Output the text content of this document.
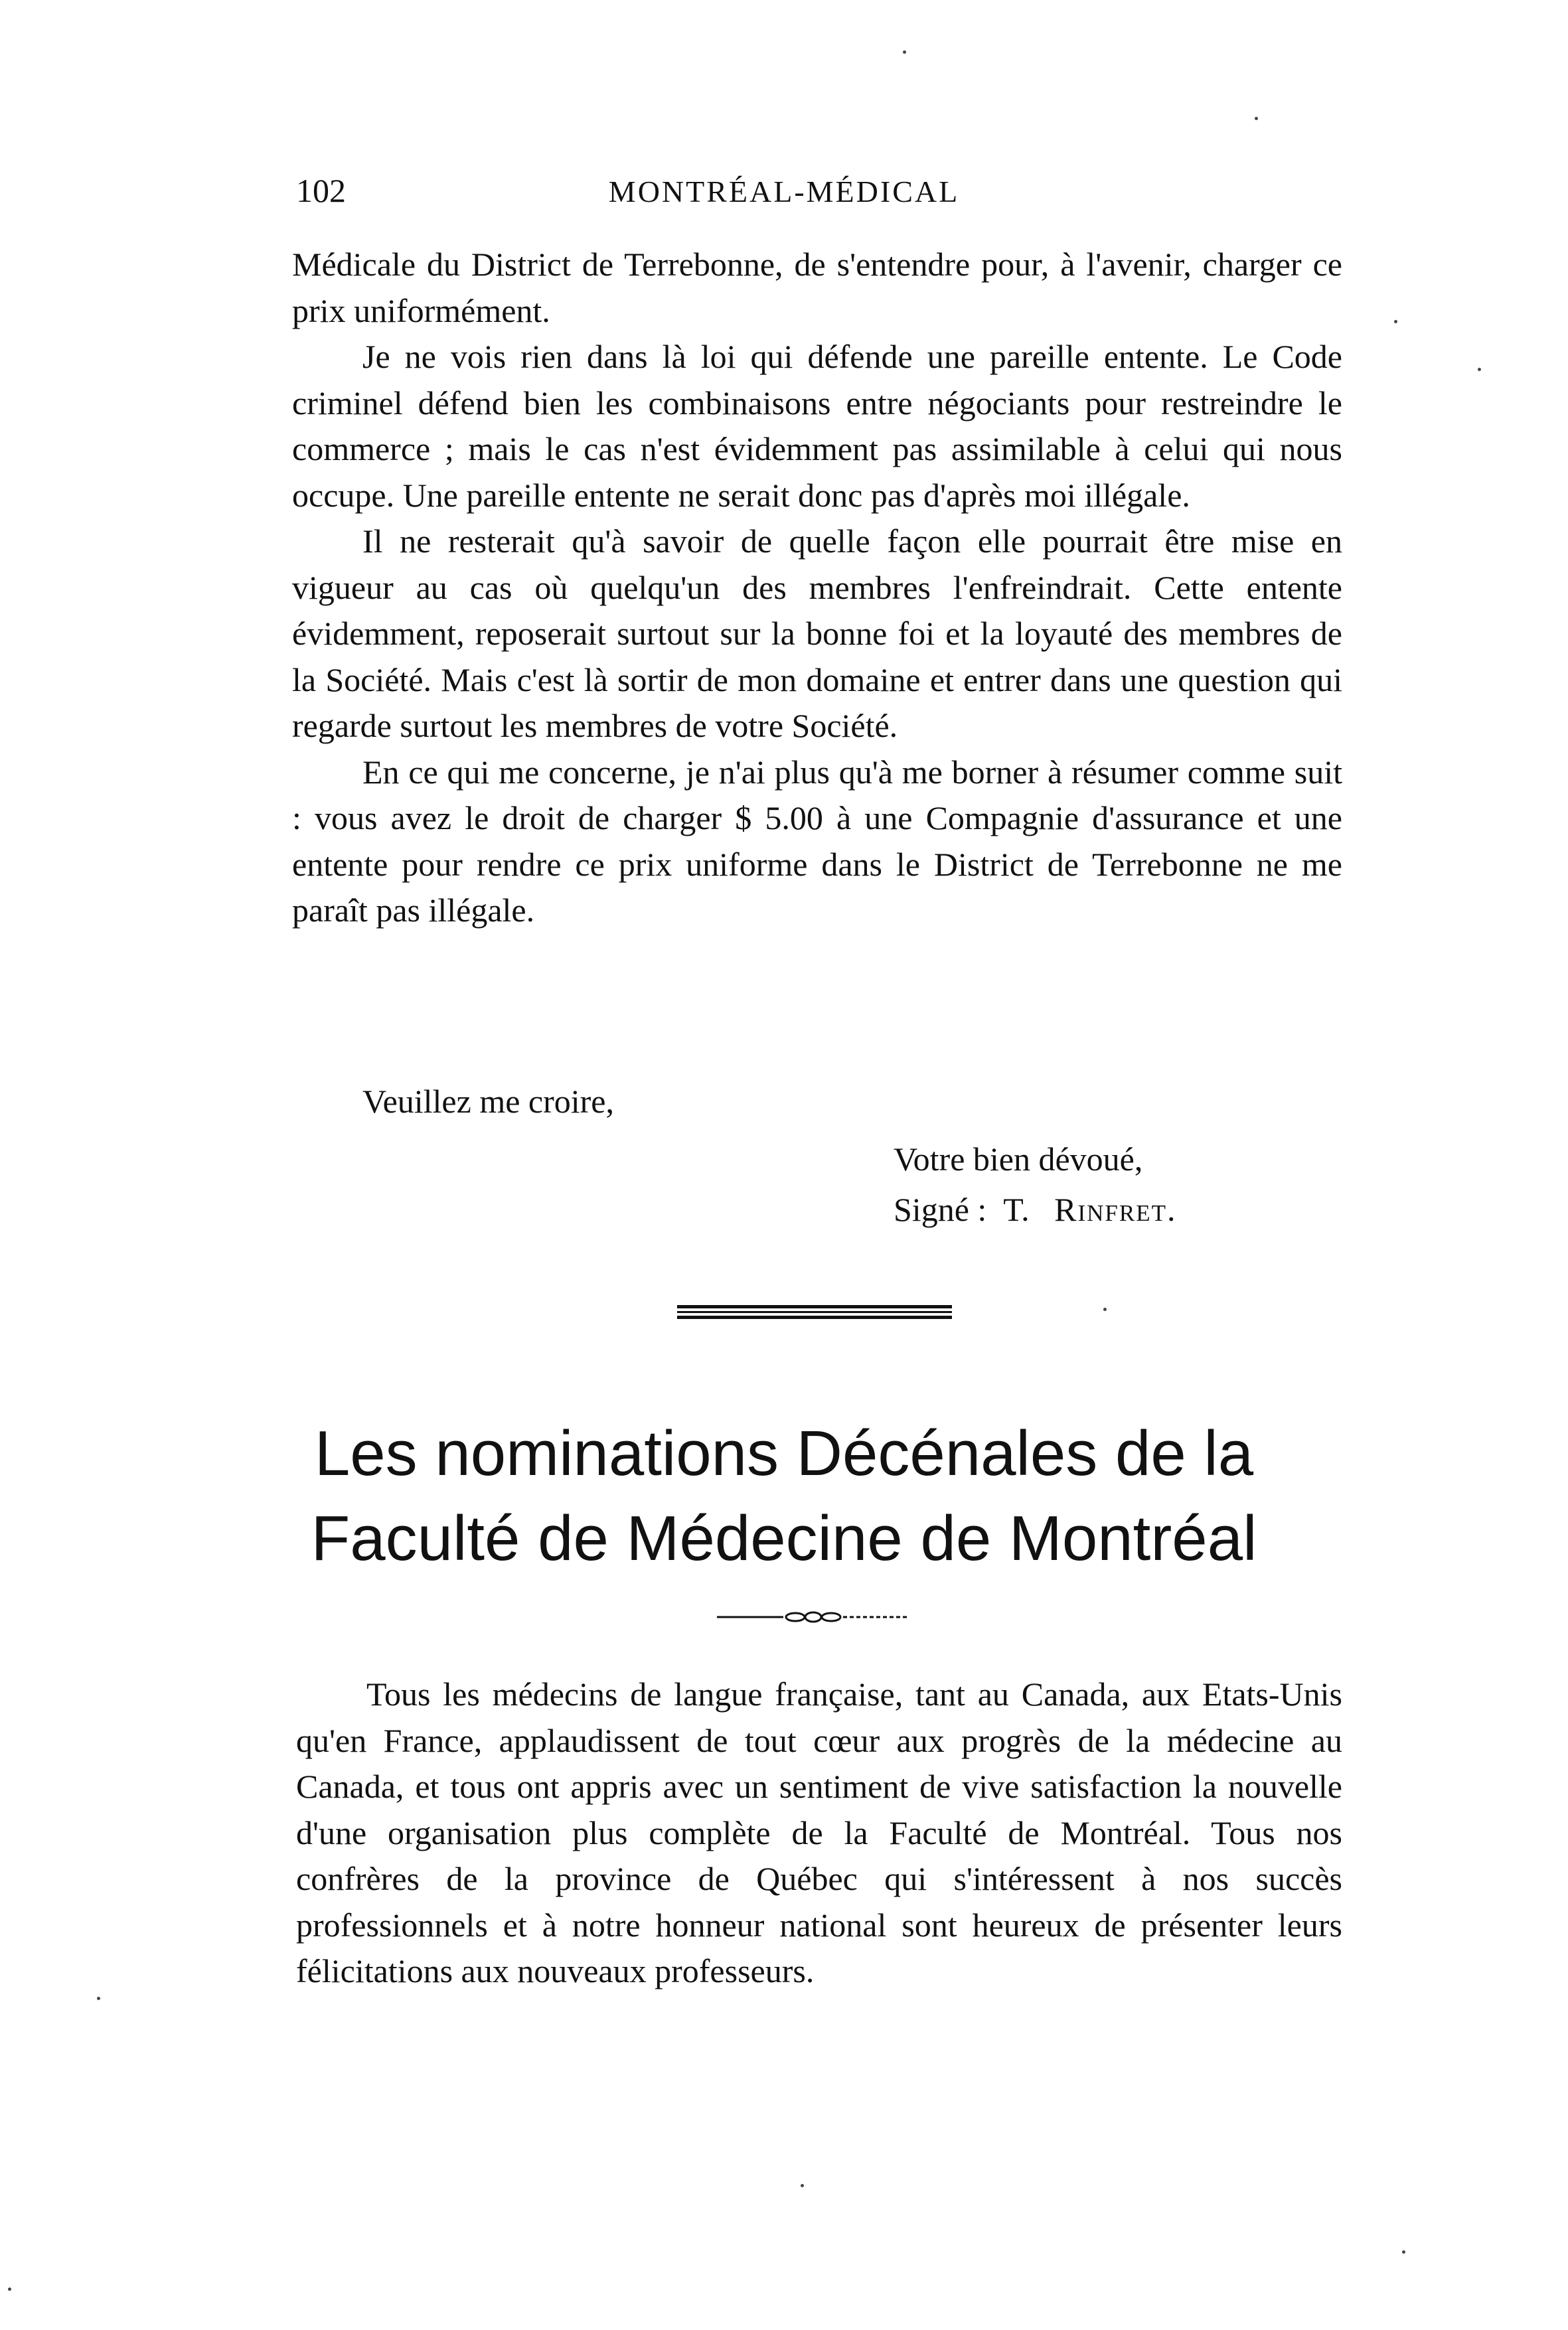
102	MONTRÉAL-MÉDICAL

Médicale du District de Terrebonne, de s'entendre pour, à l'avenir, charger ce prix uniformément.

Je ne vois rien dans là loi qui défende une pareille entente. Le Code criminel défend bien les combinaisons entre négociants pour restreindre le commerce ; mais le cas n'est évidemment pas assimilable à celui qui nous occupe. Une pareille entente ne serait donc pas d'après moi illégale.

Il ne resterait qu'à savoir de quelle façon elle pourrait être mise en vigueur au cas où quelqu'un des membres l'enfreindrait. Cette entente évidemment, reposerait surtout sur la bonne foi et la loyauté des membres de la Société. Mais c'est là sortir de mon domaine et entrer dans une question qui regarde surtout les membres de votre Société.

En ce qui me concerne, je n'ai plus qu'à me borner à résumer comme suit : vous avez le droit de charger $ 5.00 à une Compagnie d'assurance et une entente pour rendre ce prix uniforme dans le District de Terrebonne ne me paraît pas illégale.

Veuillez me croire,
Votre bien dévoué,
Signé : T. Rinfret.
Les nominations Décénales de la
Faculté de Médecine de Montréal

Tous les médecins de langue française, tant au Canada, aux Etats-Unis qu'en France, applaudissent de tout cœur aux progrès de la médecine au Canada, et tous ont appris avec un sentiment de vive satisfaction la nouvelle d'une organisation plus complète de la Faculté de Montréal. Tous nos confrères de la province de Québec qui s'intéressent à nos succès professionnels et à notre honneur national sont heureux de présenter leurs félicitations aux nouveaux professeurs.
